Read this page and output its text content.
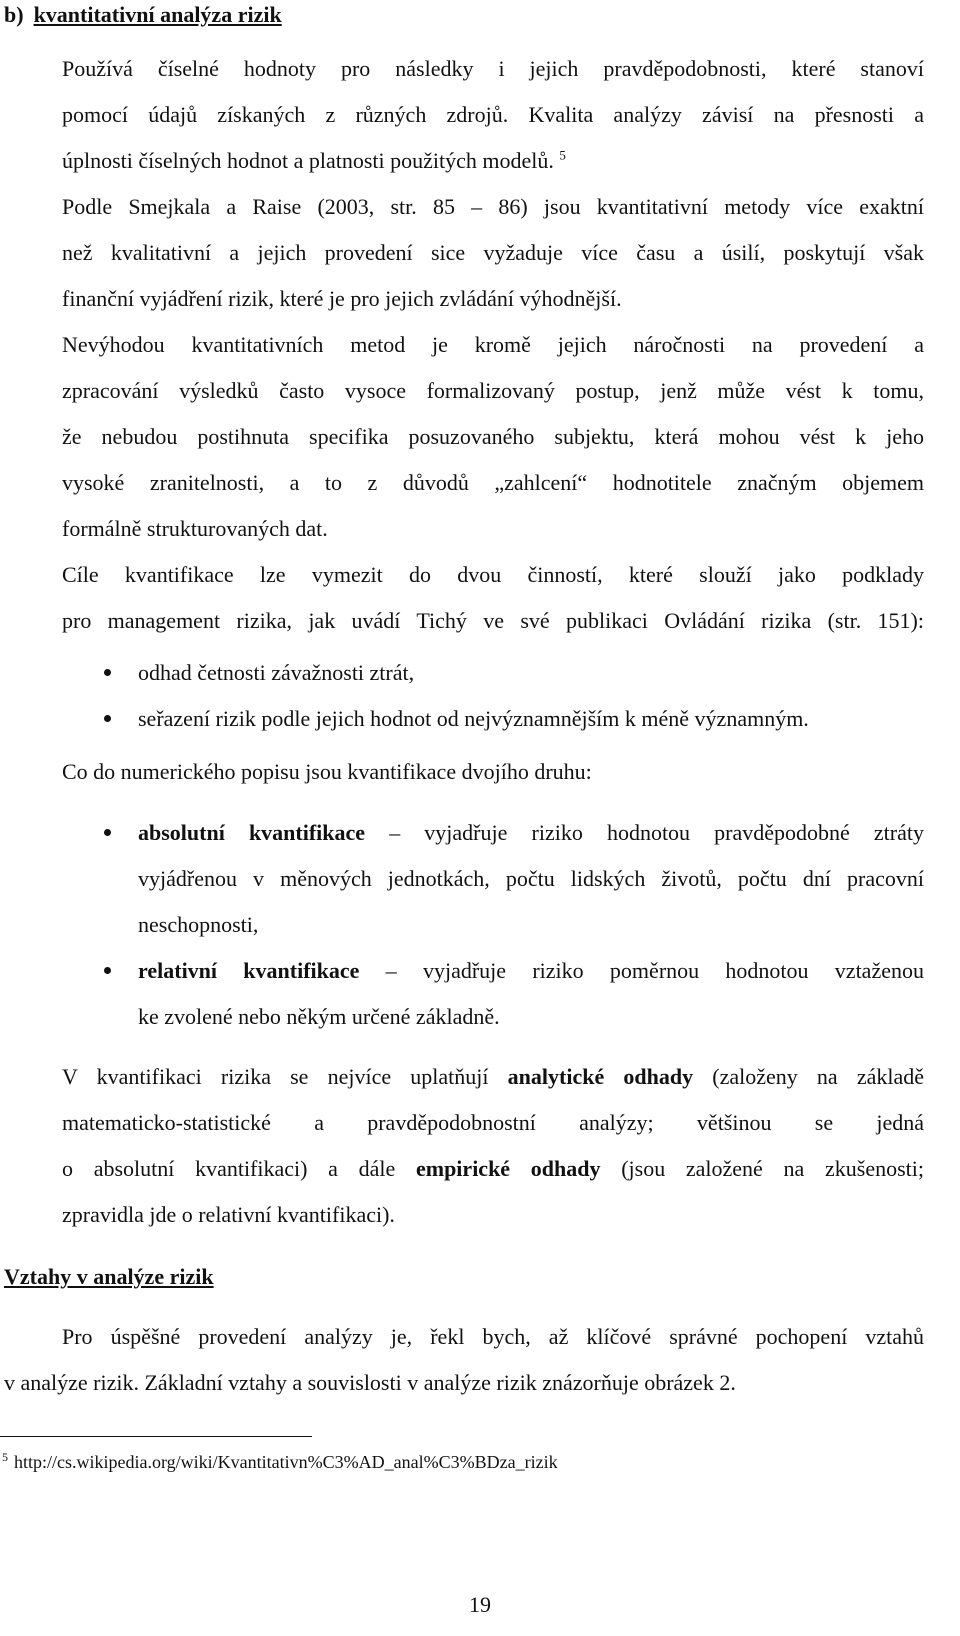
b) kvantitativní analýza rizik
Používá číselné hodnoty pro následky i jejich pravděpodobnosti, které stanoví
pomocí údajů získaných z různých zdrojů. Kvalita analýzy závisí na přesnosti a
úplnosti číselných hodnot a platnosti použitých modelů. $^5$
Podle Smejkala a Raise (2003, str. 85 – 86) jsou kvantitativní metody více exaktní
než kvalitativní a jejich provedení sice vyžaduje více času a úsilí, poskytují však
finanční vyjádření rizik, které je pro jejich zvládání výhodnější.
Nevýhodou kvantitativních metod je kromě jejich náročnosti na provedení a
zpracování výsledků často vysoce formalizovaný postup, jenž může vést k tomu,
že nebudou postihnuta specifika posuzovaného subjektu, která mohou vést k jeho
vysoké zranitelnosti, a to z důvodů „zahlcení“ hodnotitele značným objemem
formálně strukturovaných dat.
Cíle kvantifikace lze vymezit do dvou činností, které slouží jako podklady
pro management rizika, jak uvádí Tichý ve své publikaci Ovládání rizika (str. 151):
odhad četnosti závažnosti ztrát,
seřazení rizik podle jejich hodnot od nejvýznamnějším k méně významným.
Co do numerického popisu jsou kvantifikace dvojího druhu:
absolutní kvantifikace – vyjadřuje riziko hodnotou pravděpodobné ztráty
vyjádřenou v měnových jednotkách, počtu lidských životů, počtu dní pracovní
neschopnosti,
relativní kvantifikace – vyjadřuje riziko poměrnou hodnotou vztaženou
ke zvolené nebo někým určené základně.
V kvantifikaci rizika se nejvíce uplatňují analytické odhady (založeny na základě
matematicko-statistické a pravděpodobnostní analýzy; většinou se jedná
o absolutní kvantifikaci) a dále empirické odhady (jsou založené na zkušenosti;
zpravidla jde o relativní kvantifikaci).
Vztahy v analýze rizik
Pro úspěšné provedení analýzy je, řekl bych, až klíčové správné pochopení vztahů
v analýze rizik. Základní vztahy a souvislosti v analýze rizik znázorňuje obrázek 2.
$^5$ http://cs.wikipedia.org/wiki/Kvantitativn%C3%AD_anal%C3%BDza_rizik
19
